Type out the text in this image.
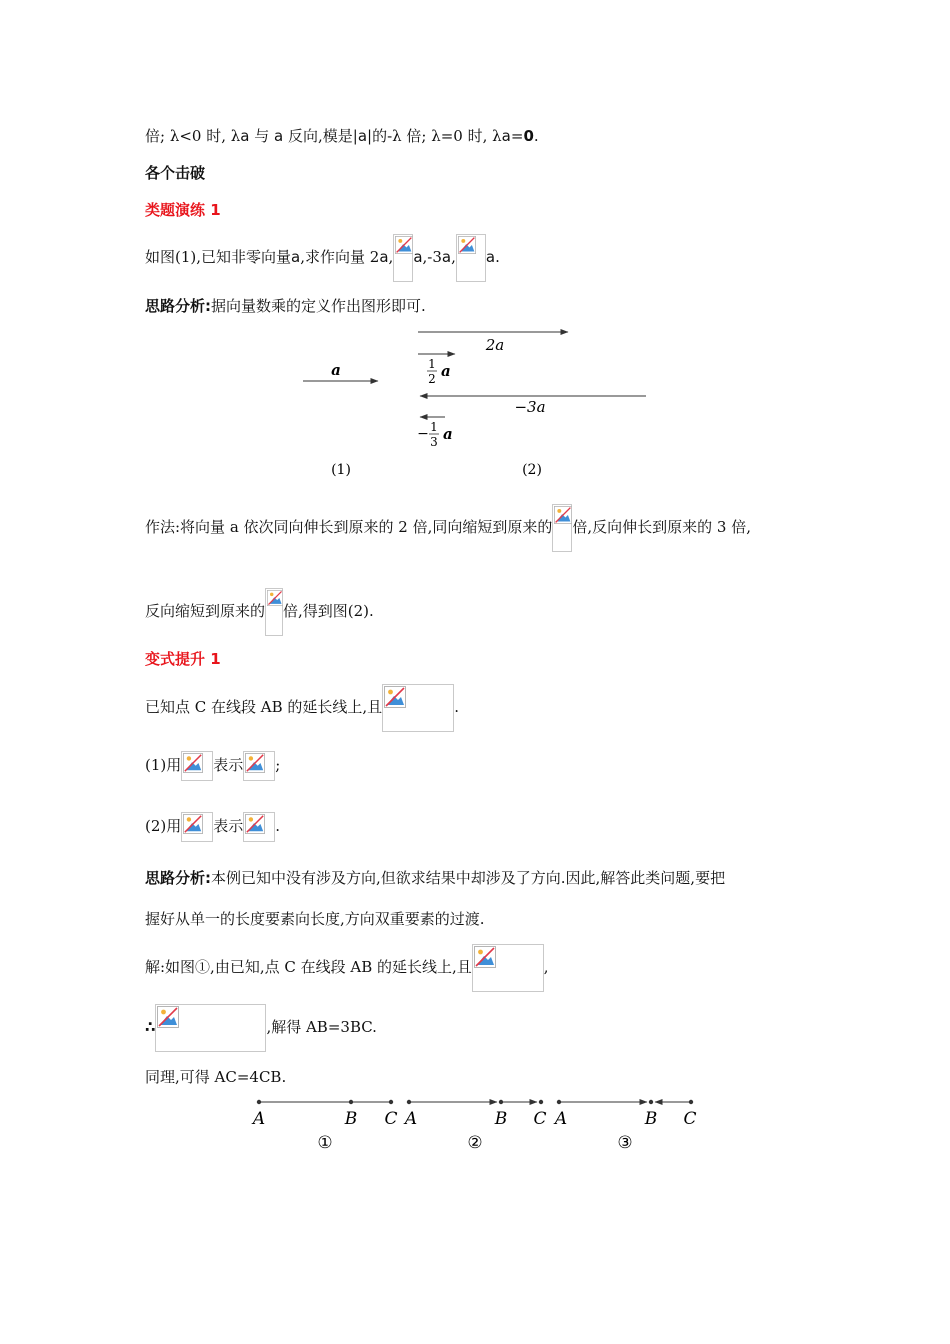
倍; λ<0 时, λa 与 a 反向,模是|a|的-λ 倍; λ=0 时, λa=0.
各个击破
类题演练 1
如图(1),已知非零向量a,求作向量 2a, a,-3a, a.
思路分析:据向量数乘的定义作出图形即可.
a
2a
1
2 a
−3a
− 1
3 a
(1)	(2)
作法:将向量 a 依次同向伸长到原来的 2 倍,同向缩短到原来的 倍,反向伸长到原来的 3 倍,
反向缩短到原来的 倍,得到图(2).
变式提升 1
已知点 C 在线段 AB 的延长线上,且	.
(1)用 表示 ;
(2)用 表示 .
思路分析:本例已知中没有涉及方向,但欲求结果中却涉及了方向.因此,解答此类问题,要把
握好从单一的长度要素向长度,方向双重要素的过渡.
解:如图①,由已知,点 C 在线段 AB 的延长线上,且	,
∴	,解得 AB=3BC.
同理,可得 AC=4CB.
A	B C
①
A	B C
②
A	B C
③
